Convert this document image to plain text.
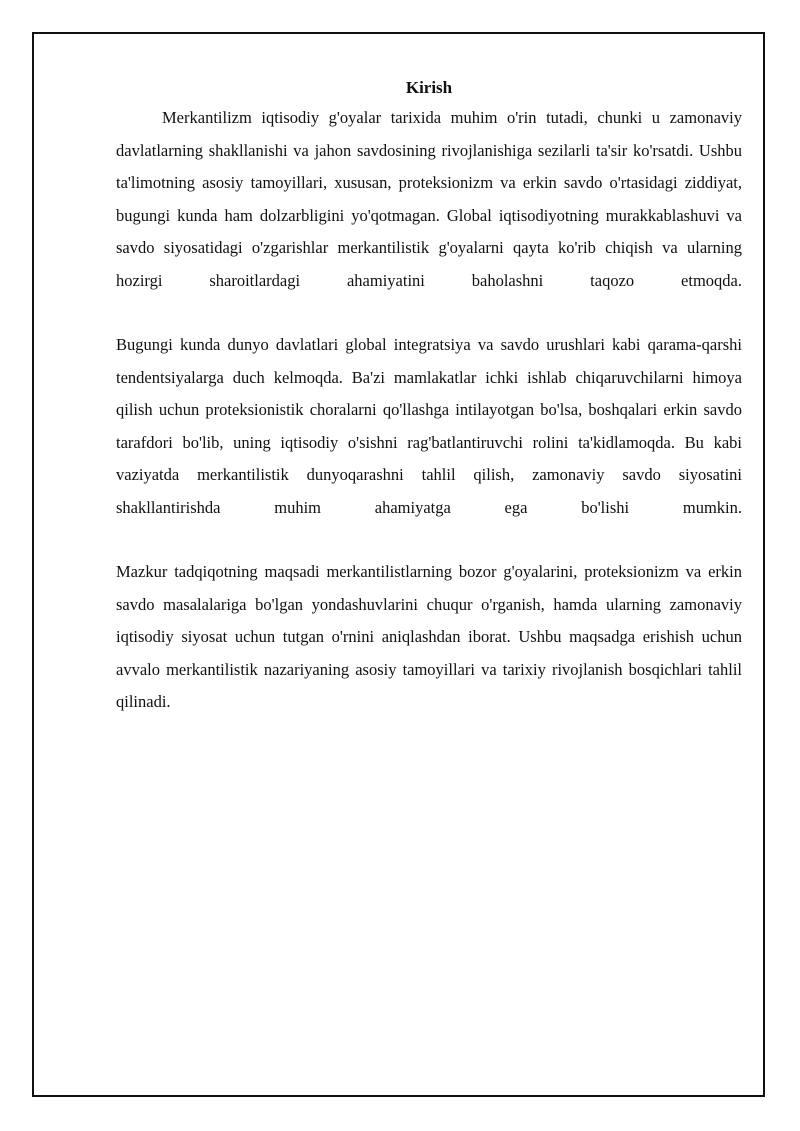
Kirish

Merkantilizm iqtisodiy g'oyalar tarixida muhim o'rin tutadi, chunki u zamonaviy davlatlarning shakllanishi va jahon savdosining rivojlanishiga sezilarli ta'sir ko'rsatdi. Ushbu ta'limotning asosiy tamoyillari, xususan, proteksionizm va erkin savdo o'rtasidagi ziddiyat, bugungi kunda ham dolzarbligini yo'qotmagan. Global iqtisodiyotning murakkablashuvi va savdo siyosatidagi o'zgarishlar merkantilistik g'oyalarni qayta ko'rib chiqish va ularning hozirgi sharoitlardagi ahamiyatini baholashni taqozo etmoqda.

Bugungi kunda dunyo davlatlari global integratsiya va savdo urushlari kabi qarama-qarshi tendentsiyalarga duch kelmoqda. Ba'zi mamlakatlar ichki ishlab chiqaruvchilarni himoya qilish uchun proteksionistik choralarni qo'llashga intilayotgan bo'lsa, boshqalari erkin savdo tarafdori bo'lib, uning iqtisodiy o'sishni rag'batlantiruvchi rolini ta'kidlamoqda. Bu kabi vaziyatda merkantilistik dunyoqarashni tahlil qilish, zamonaviy savdo siyosatini shakllantirishda muhim ahamiyatga ega bo'lishi mumkin.

Mazkur tadqiqotning maqsadi merkantilistlarning bozor g'oyalarini, proteksionizm va erkin savdo masalalariga bo'lgan yondashuvlarini chuqur o'rganish, hamda ularning zamonaviy iqtisodiy siyosat uchun tutgan o'rnini aniqlashdan iborat. Ushbu maqsadga erishish uchun avvalo merkantilistik nazariyaning asosiy tamoyillari va tarixiy rivojlanish bosqichlari tahlil qilinadi.
